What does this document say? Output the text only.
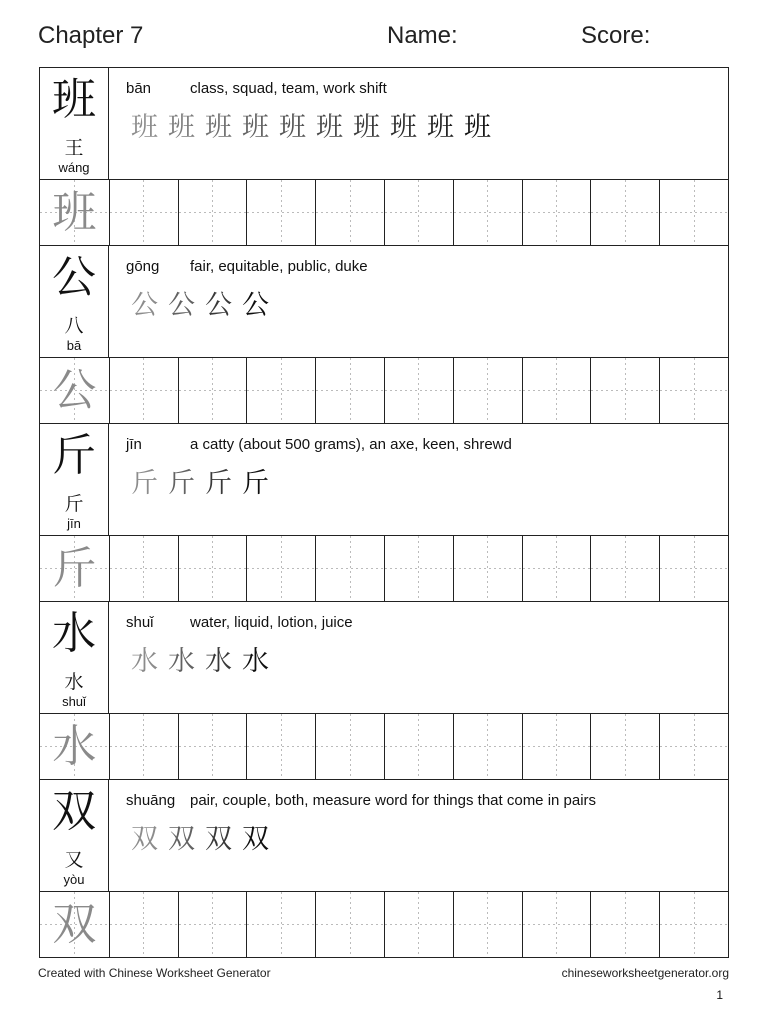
Chapter 7	Name:	Score:
班
王
wáng
bān	class, squad, team, work shift
班 班 班 班 班 班 班 班 班 班
班
公
八
bā
gōng fair, equitable, public, duke
公 公 公 公
公
斤
斤
jīn
jīn	a catty (about 500 grams), an axe, keen, shrewd
斤 斤 斤 斤
斤
水
水
shuǐ
shuǐ water, liquid, lotion, juice
水 水 水 水
水
双
又
yòu
shuāng pair, couple, both, measure word for things that come in pairs
双 双 双 双
双
Created with Chinese Worksheet Generator	chineseworksheetgenerator.org
1
